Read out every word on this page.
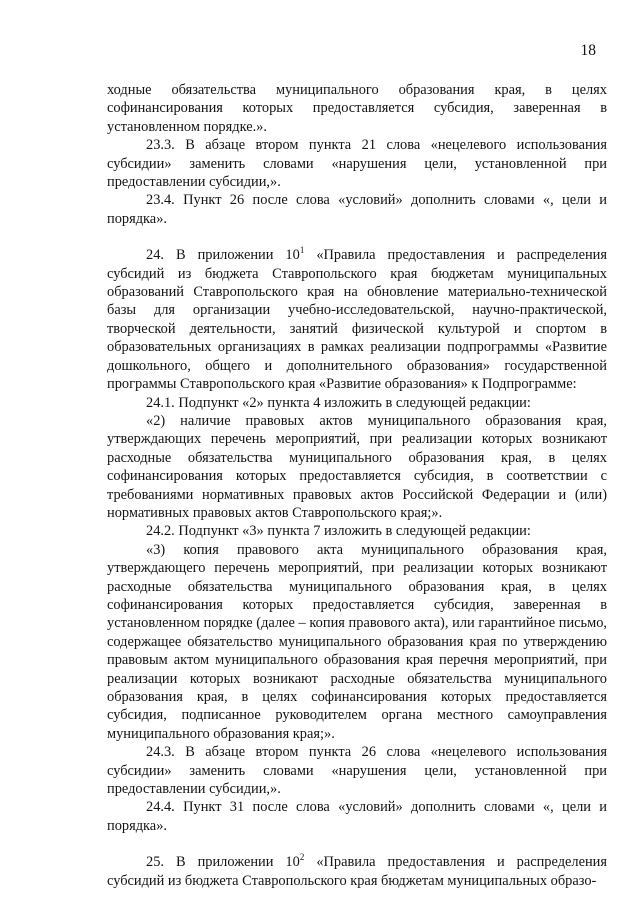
18

ходные обязательства муниципального образования края, в целях софинансирования которых предоставляется субсидия, заверенная в установленном порядке.».

23.3. В абзаце втором пункта 21 слова «нецелевого использования субсидии» заменить словами «нарушения цели, установленной при предоставлении субсидии,».

23.4. Пункт 26 после слова «условий» дополнить словами «, цели и порядка».

24. В приложении $10^1$ «Правила предоставления и распределения субсидий из бюджета Ставропольского края бюджетам муниципальных образований Ставропольского края на обновление материально-технической базы для организации учебно-исследовательской, научно-практической, творческой деятельности, занятий физической культурой и спортом в образовательных организациях в рамках реализации подпрограммы «Развитие дошкольного, общего и дополнительного образования» государственной программы Ставропольского края «Развитие образования» к Подпрограмме:

24.1. Подпункт «2» пункта 4 изложить в следующей редакции:

«2) наличие правовых актов муниципального образования края, утверждающих перечень мероприятий, при реализации которых возникают расходные обязательства муниципального образования края, в целях софинансирования которых предоставляется субсидия, в соответствии с требованиями нормативных правовых актов Российской Федерации и (или) нормативных правовых актов Ставропольского края;».

24.2. Подпункт «3» пункта 7 изложить в следующей редакции:

«3) копия правового акта муниципального образования края, утверждающего перечень мероприятий, при реализации которых возникают расходные обязательства муниципального образования края, в целях софинансирования которых предоставляется субсидия, заверенная в установленном порядке (далее – копия правового акта), или гарантийное письмо, содержащее обязательство муниципального образования края по утверждению правовым актом муниципального образования края перечня мероприятий, при реализации которых возникают расходные обязательства муниципального образования края, в целях софинансирования которых предоставляется субсидия, подписанное руководителем органа местного самоуправления муниципального образования края;».

24.3. В абзаце втором пункта 26 слова «нецелевого использования субсидии» заменить словами «нарушения цели, установленной при предоставлении субсидии,».

24.4. Пункт 31 после слова «условий» дополнить словами «, цели и порядка».

25. В приложении $10^2$ «Правила предоставления и распределения субсидий из бюджета Ставропольского края бюджетам муниципальных образо-
